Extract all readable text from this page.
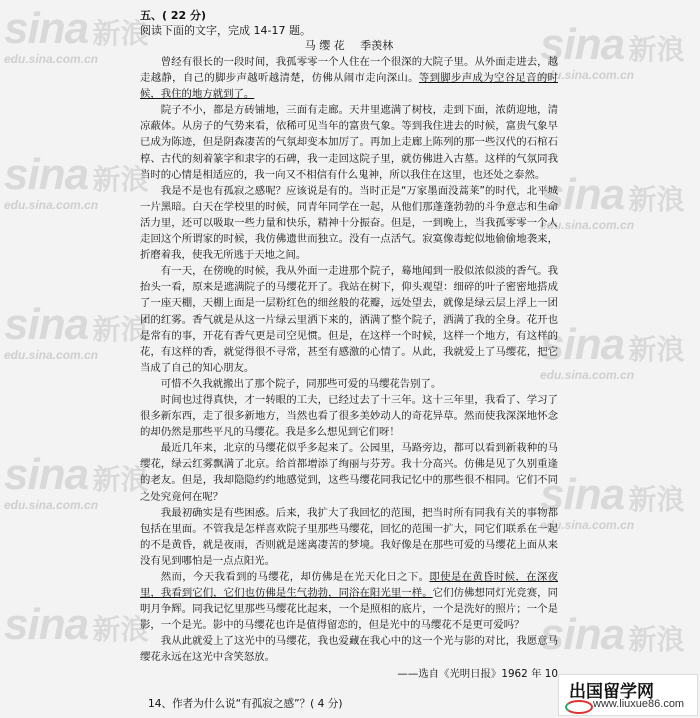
sina 新浪
edu.sina.com.cn
sina 新浪
edu.sina.com.cn
sina 新浪
edu.sina.com.cn
sina 新浪
edu.sina.com.cn
sina 新浪
sina 新浪
edu.sina.com.cn
sina 新浪
edu.sina.com.cn
sina 新浪
edu.sina.com.cn
sina 新浪
edu.sina.com.cn
sina 新浪
五、( 22 分)
阅读下面的文字，完成 14-17 题。
马 缨 花 季羡林

曾经有很长的一段时间，我孤零零一个人住在一个很深的大院子里。从外面走进去，越走越静，自己的脚步声越听越清楚，仿佛从闹市走向深山。等到脚步声成为空谷足音的时候，我住的地方就到了。

院子不小，都是方砖铺地，三面有走廊。天井里遮满了树枝，走到下面，浓荫迎地，清凉蔽体。从房子的气势来看，依稀可见当年的富贵气象。等到我住进去的时候，富贵气象早已成为陈迹，但是阴森凄苦的气氛却变本加厉了。再加上走廊上陈列的那一些汉代的石棺石椁、古代的刻着篆字和隶字的石碑，我一走回这院子里，就仿佛进入古墓。这样的气氛同我当时的心情是相适应的，我一向又不相信有什么鬼神，所以我住在这里，也还处之泰然。

我是不是也有孤寂之感呢？应该说是有的。当时正是“万家墨面没蒿莱”的时代，北平城一片黑暗。白天在学校里的时候，同青年同学在一起，从他们那蓬蓬勃勃的斗争意志和生命活力里，还可以吸取一些力量和快乐，精神十分振奋。但是，一到晚上，当我孤零零一个人走回这个所谓家的时候，我仿佛遗世而独立。没有一点活气。寂寞像毒蛇似地偷偷地袭来，折磨着我，使我无所逃于天地之间。

有一天，在傍晚的时候，我从外面一走进那个院子，蓦地闻到一股似浓似淡的香气。我抬头一看，原来是遮满院子的马缨花开了。我站在树下，仰头观望：细碎的叶子密密地搭成了一座天棚，天棚上面是一层粉红色的细丝般的花瓣，远处望去，就像是绿云层上浮上一团团的红雾。香气就是从这一片绿云里洒下来的，洒满了整个院子，洒满了我的全身。花开也是常有的事，开花有香气更是司空见惯。但是，在这样一个时候，这样一个地方，有这样的花，有这样的香，就觉得很不寻常，甚至有感激的心情了。从此，我就爱上了马缨花，把它当成了自己的知心朋友。

可惜不久我就搬出了那个院子，同那些可爱的马缨花告别了。

时间也过得真快，才一转眼的工夫，已经过去了十三年。这十三年里，我看了、学习了很多新东西，走了很多新地方，当然也看了很多美妙动人的奇花异草。然而使我深深地怀念的却仍然是那些平凡的马缨花。我是多么想见到它们呀！

最近几年来，北京的马缨花似乎多起来了。公园里，马路旁边，都可以看到新栽种的马缨花，绿云红雾飘满了北京。给首都增添了绚丽与芬芳。我十分高兴。仿佛是见了久别重逢的老友。但是，我却隐隐约约地感觉到，这些马缨花同我记忆中的那些很不相同。它们不同之处究竟何在呢？

我最初确实是有些困惑。后来，我扩大了我回忆的范围，把当时所有同我有关的事物都包括在里面。不管我是怎样喜欢院子里那些马缨花，回忆的范围一扩大，同它们联系在一起的不是黄昏，就是夜雨，否则就是迷离凄苦的梦境。我好像是在那些可爱的马缨花上面从来没有见到哪怕是一点点阳光。

然而，今天我看到的马缨花，却仿佛是在光天化日之下。即使是在黄昏时候，在深夜里，我看到它们，它们也仿佛是生气勃勃，同浴在阳光里一样。它们仿佛想同灯光竞赛，同明月争辉。同我记忆里那些马缨花比起来，一个是照相的底片，一个是洗好的照片；一个是影，一个是光。影中的马缨花也许是值得留恋的，但是光中的马缨花不是更可爱吗？

我从此就爱上了这光中的马缨花，我也爱藏在我心中的这一个光与影的对比，我愿意马缨花永远在这光中含笑怒放。

——选自《光明日报》1962 年 10
14、作者为什么说“有孤寂之感”？( 4 分)
出国留学网
www.liuxue86.com
